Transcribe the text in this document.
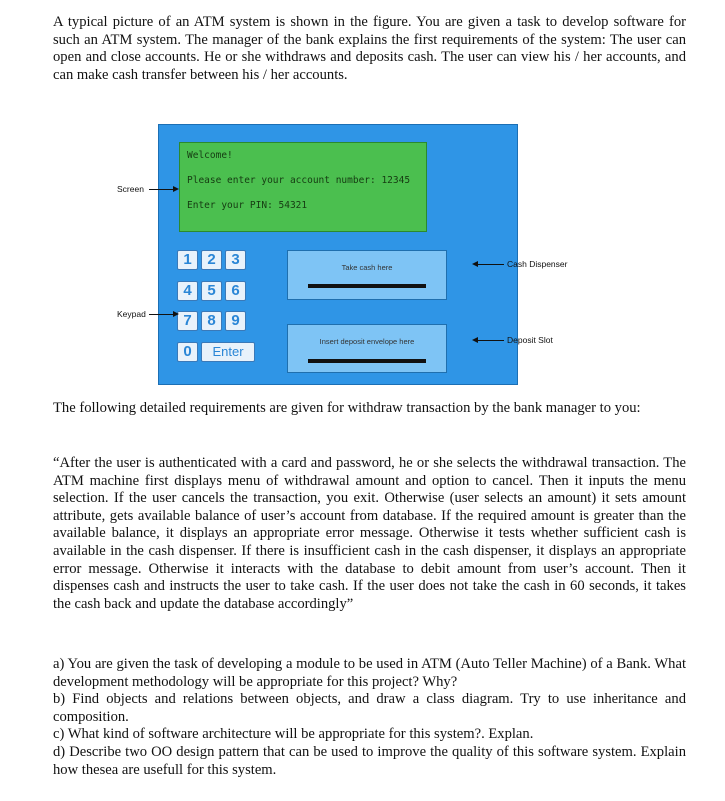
A typical picture of an ATM system is shown in the figure. You are given a task to develop software for such an ATM system. The manager of the bank explains the first requirements of the system: The user can open and close accounts. He or she withdraws and deposits cash. The user can view his / her accounts, and can make cash transfer between his / her accounts.

Welcome!
Please enter your account number: 12345
Enter your PIN: 54321
1	2	3
4	5	6
7	8	9
0	Enter
Take cash here
Insert deposit envelope here
Screen
Keypad
Cash Dispenser
Deposit Slot

The following detailed requirements are given for withdraw transaction by the bank manager to you:

“After the user is authenticated with a card and password, he or she selects the withdrawal transaction. The ATM machine first displays menu of withdrawal amount and option to cancel. Then it inputs the menu selection. If the user cancels the transaction, you exit. Otherwise (user selects an amount) it sets amount attribute, gets available balance of user’s account from database. If the required amount is greater than the available balance, it displays an appropriate error message. Otherwise it tests whether sufficient cash is available in the cash dispenser. If there is insufficient cash in the cash dispenser, it displays an appropriate error message. Otherwise it interacts with the database to debit amount from user’s account. Then it dispenses cash and instructs the user to take cash. If the user does not take the cash in 60 seconds, it takes the cash back and update the database accordingly”

a) You are given the task of developing a module to be used in ATM (Auto Teller Machine) of a Bank. What development methodology will be appropriate for this project? Why?
b) Find objects and relations between objects, and draw a class diagram. Try to use inheritance and composition.
c) What kind of software architecture will be appropriate for this system?. Explan.
d) Describe two OO design pattern that can be used to improve the quality of this software system. Explain how thesea are usefull for this system.
